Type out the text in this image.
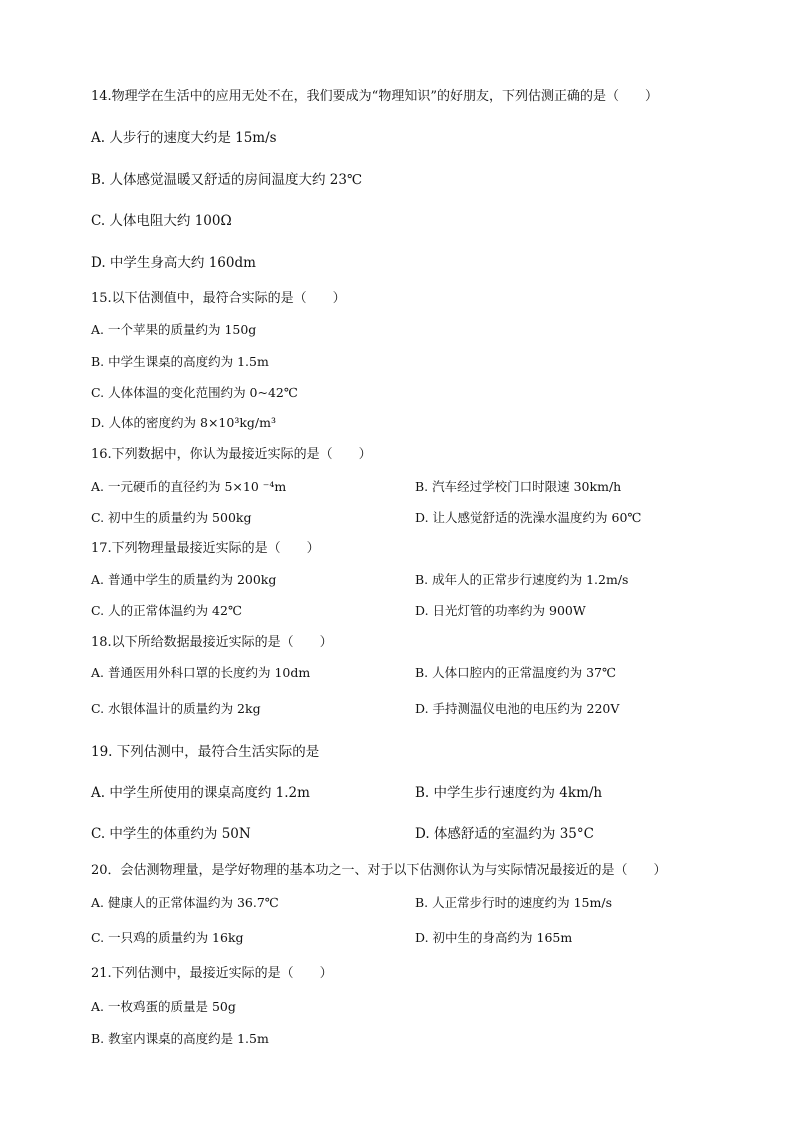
14.物理学在生活中的应用无处不在，我们要成为“物理知识”的好朋友，下列估测正确的是（　　）
A. 人步行的速度大约是 15m/s
B. 人体感觉温暖又舒适的房间温度大约 23℃
C. 人体电阻大约 100Ω
D. 中学生身高大约 160dm
15.以下估测值中，最符合实际的是（　　）
A. 一个苹果的质量约为 150g
B. 中学生课桌的高度约为 1.5m
C. 人体体温的变化范围约为 0~42℃
D. 人体的密度约为 8×10³kg/m³
16.下列数据中，你认为最接近实际的是（　　）
A. 一元硬币的直径约为 5×10 ⁻⁴m	B. 汽车经过学校门口时限速 30km/h
C. 初中生的质量约为 500kg	D. 让人感觉舒适的洗澡水温度约为 60℃
17.下列物理量最接近实际的是（　　）
A. 普通中学生的质量约为 200kg	B. 成年人的正常步行速度约为 1.2m/s
C. 人的正常体温约为 42℃	D. 日光灯管的功率约为 900W
18.以下所给数据最接近实际的是（　　）
A. 普通医用外科口罩的长度约为 10dm	B. 人体口腔内的正常温度约为 37℃
C. 水银体温计的质量约为 2kg	D. 手持测温仪电池的电压约为 220V
19. 下列估测中，最符合生活实际的是
A. 中学生所使用的课桌高度约 1.2m	B. 中学生步行速度约为 4km/h
C. 中学生的体重约为 50N	D. 体感舒适的室温约为 35°C
20．会估测物理量，是学好物理的基本功之一、对于以下估测你认为与实际情况最接近的是（　　）
A. 健康人的正常体温约为 36.7℃	B. 人正常步行时的速度约为 15m/s
C. 一只鸡的质量约为 16kg	D. 初中生的身高约为 165m
21.下列估测中，最接近实际的是（　　）
A. 一枚鸡蛋的质量是 50g
B. 教室内课桌的高度约是 1.5m
